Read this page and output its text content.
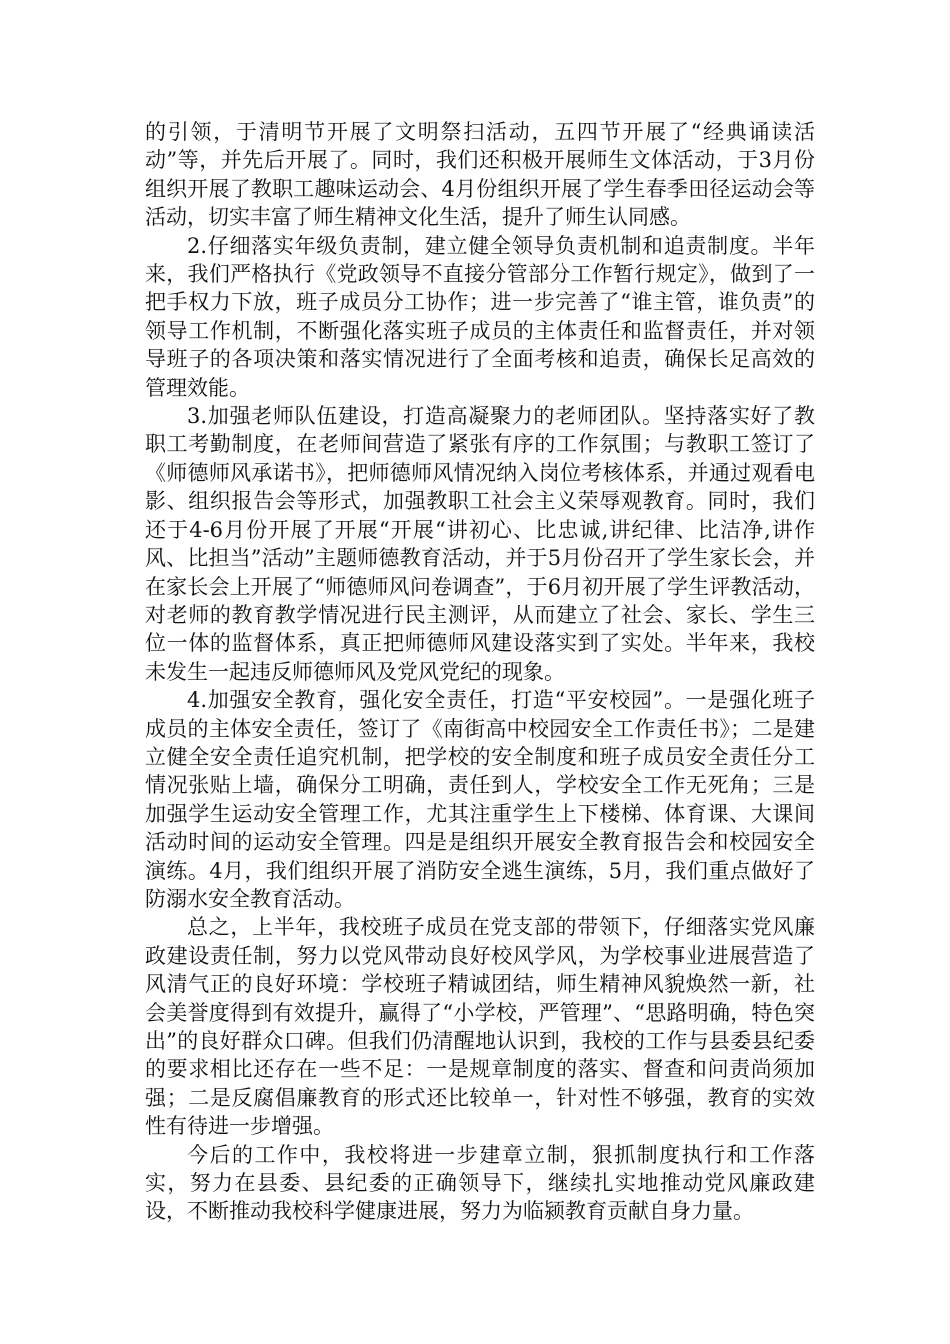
的引领，于清明节开展了文明祭扫活动，五四节开展了“经典诵读活动”等，并先后开展了。同时，我们还积极开展师生文体活动，于3月份组织开展了教职工趣味运动会、4月份组织开展了学生春季田径运动会等活动，切实丰富了师生精神文化生活，提升了师生认同感。

2.仔细落实年级负责制，建立健全领导负责机制和追责制度。半年来，我们严格执行《党政领导不直接分管部分工作暂行规定》，做到了一把手权力下放，班子成员分工协作；进一步完善了“谁主管，谁负责”的领导工作机制，不断强化落实班子成员的主体责任和监督责任，并对领导班子的各项决策和落实情况进行了全面考核和追责，确保长足高效的管理效能。

3.加强老师队伍建设，打造高凝聚力的老师团队。坚持落实好了教职工考勤制度，在老师间营造了紧张有序的工作氛围；与教职工签订了《师德师风承诺书》，把师德师风情况纳入岗位考核体系，并通过观看电影、组织报告会等形式，加强教职工社会主义荣辱观教育。同时，我们还于4-6月份开展了开展“开展“讲初心、比忠诚,讲纪律、比洁净,讲作风、比担当”活动”主题师德教育活动，并于5月份召开了学生家长会，并在家长会上开展了“师德师风问卷调查”，于6月初开展了学生评教活动，对老师的教育教学情况进行民主测评，从而建立了社会、家长、学生三位一体的监督体系，真正把师德师风建设落实到了实处。半年来，我校未发生一起违反师德师风及党风党纪的现象。

4.加强安全教育，强化安全责任，打造“平安校园”。一是强化班子成员的主体安全责任，签订了《南街高中校园安全工作责任书》；二是建立健全安全责任追究机制，把学校的安全制度和班子成员安全责任分工情况张贴上墙，确保分工明确，责任到人，学校安全工作无死角；三是加强学生运动安全管理工作，尤其注重学生上下楼梯、体育课、大课间活动时间的运动安全管理。四是是组织开展安全教育报告会和校园安全演练。4月，我们组织开展了消防安全逃生演练，5月，我们重点做好了防溺水安全教育活动。

总之，上半年，我校班子成员在党支部的带领下，仔细落实党风廉政建设责任制，努力以党风带动良好校风学风，为学校事业进展营造了风清气正的良好环境：学校班子精诚团结，师生精神风貌焕然一新，社会美誉度得到有效提升，赢得了“小学校，严管理”、“思路明确，特色突出”的良好群众口碑。但我们仍清醒地认识到，我校的工作与县委县纪委的要求相比还存在一些不足：一是规章制度的落实、督查和问责尚须加强；二是反腐倡廉教育的形式还比较单一，针对性不够强，教育的实效性有待进一步增强。

今后的工作中，我校将进一步建章立制，狠抓制度执行和工作落实，努力在县委、县纪委的正确领导下，继续扎实地推动党风廉政建设，不断推动我校科学健康进展，努力为临颍教育贡献自身力量。
